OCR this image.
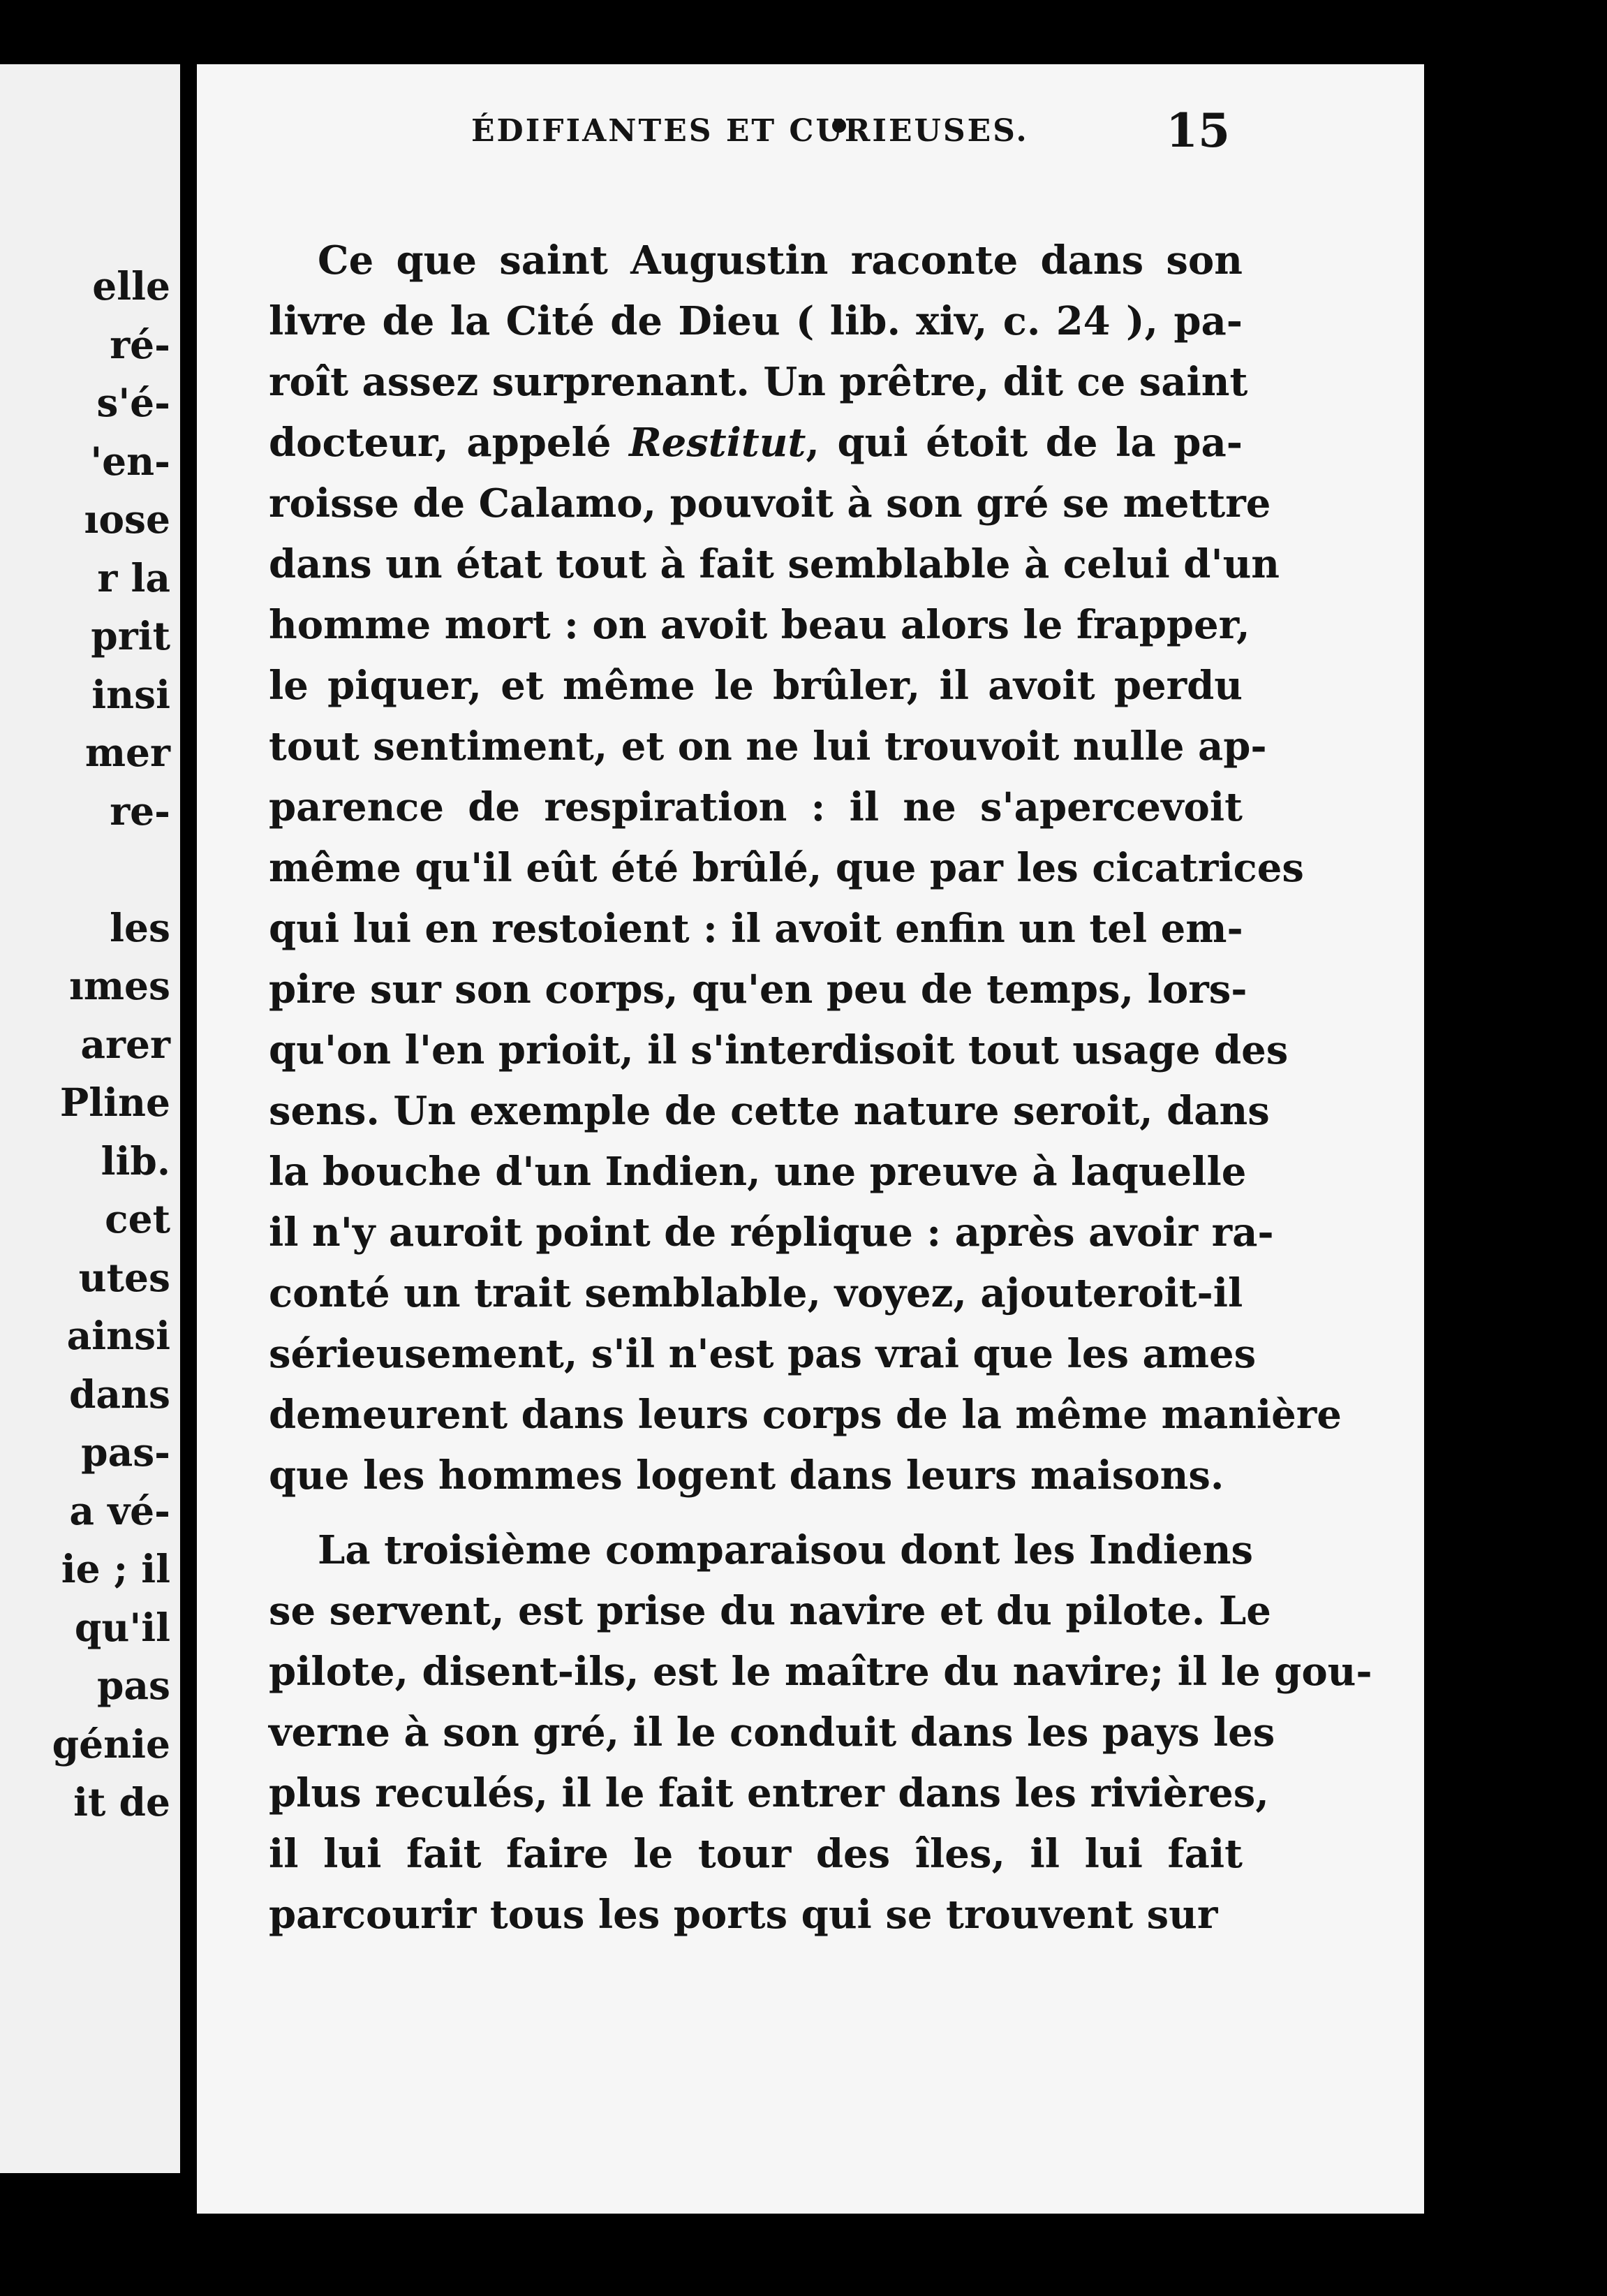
elle
ré-
s'é-
'en-
ıose
r la
prit
insi
mer
re-
les
ımes
arer
Pline
lib.
cet
utes
ainsi
dans
pas-
a vé-
ie ; il
qu'il
pas
génie
it de
ÉDIFIANTES ET CURIEUSES.	15
Ce que saint Augustin raconte dans son
livre de la Cité de Dieu ( lib. xiv, c. 24 ), pa-
roît assez surprenant. Un prêtre, dit ce saint
docteur, appelé Restitut, qui étoit de la pa-
roisse de Calamo, pouvoit à son gré se mettre
dans un état tout à fait semblable à celui d'un
homme mort : on avoit beau alors le frapper,
le piquer, et même le brûler, il avoit perdu
tout sentiment, et on ne lui trouvoit nulle ap-
parence de respiration : il ne s'apercevoit
même qu'il eût été brûlé, que par les cicatrices
qui lui en restoient : il avoit enfin un tel em-
pire sur son corps, qu'en peu de temps, lors-
qu'on l'en prioit, il s'interdisoit tout usage des
sens. Un exemple de cette nature seroit, dans
la bouche d'un Indien, une preuve à laquelle
il n'y auroit point de réplique : après avoir ra-
conté un trait semblable, voyez, ajouteroit-il
sérieusement, s'il n'est pas vrai que les ames
demeurent dans leurs corps de la même manière
que les hommes logent dans leurs maisons.
La troisième comparaisou dont les Indiens
se servent, est prise du navire et du pilote. Le
pilote, disent-ils, est le maître du navire; il le gou-
verne à son gré, il le conduit dans les pays les
plus reculés, il le fait entrer dans les rivières,
il lui fait faire le tour des îles, il lui fait
parcourir tous les ports qui se trouvent sur
